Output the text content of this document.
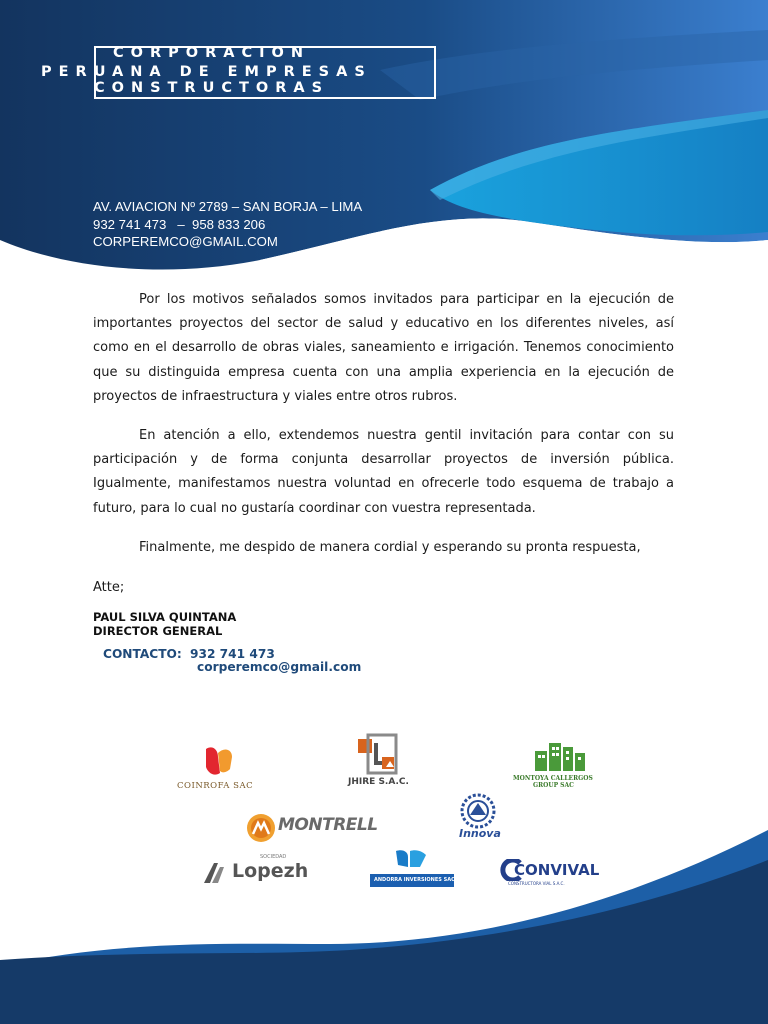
CORPORACION
PERUANA DE EMPRESAS
CONSTRUCTORAS
AV. AVIACION Nº 2789 – SAN BORJA – LIMA
932 741 473   –  958 833 206
CORPEREMCO@GMAIL.COM

Por los motivos señalados somos invitados para participar en la ejecución de importantes proyectos del sector de salud y educativo en los diferentes niveles, así como en el desarrollo de obras viales, saneamiento e irrigación. Tenemos conocimiento que su distinguida empresa cuenta con una amplia experiencia en la ejecución de proyectos de infraestructura y viales entre otros rubros.

En atención a ello, extendemos nuestra gentil invitación para contar con su participación y de forma conjunta desarrollar proyectos de inversión pública. Igualmente, manifestamos nuestra voluntad en ofrecerle todo esquema de trabajo a futuro, para lo cual no gustaría coordinar con vuestra representada.

Finalmente, me despido de manera cordial y esperando su pronta respuesta,

Atte;
PAUL SILVA QUINTANA
DIRECTOR GENERAL
CONTACTO: 932 741 473
corperemco@gmail.com
COINROFA SAC	JHIRE S.A.C.	MONTOYA CALLERGOS
GROUP SAC
MONTRELL	Innova
Lopezh
SOCIEDAD
ANDORRA INVERSIONES SAC
CONVIVAL
CONSTRUCTORA VIAL S.A.C.
